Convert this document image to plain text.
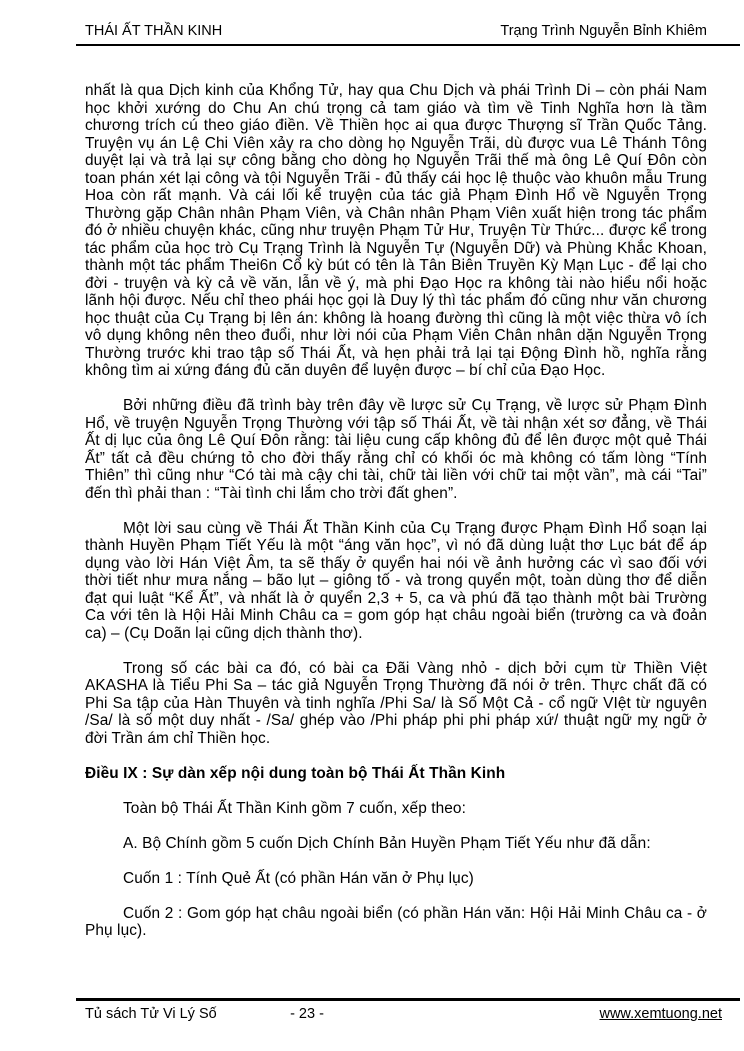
THÁI ẤT THẦN KINH	Trạng Trình Nguyễn Bỉnh Khiêm

nhất là qua Dịch kinh của Khổng Tử, hay qua Chu Dịch và phái Trình Di – còn phái Nam học khởi xướng do Chu An chú trọng cả tam giáo và tìm về Tinh Nghĩa hơn là tầm chương trích cú theo giáo điền. Về Thiền học ai qua được Thượng sĩ Trần Quốc Tảng. Truyện vụ án Lệ Chi Viên xảy ra cho dòng họ Nguyễn Trãi, dù được vua Lê Thánh Tông duyệt lại và trả lại sự công bằng cho dòng họ Nguyễn Trãi thế mà ông Lê Quí Đôn còn toan phán xét lại công và tội Nguyễn Trãi - đủ thấy cái học lệ thuộc vào khuôn mẫu Trung Hoa còn rất mạnh. Và cái lối kể truyện của tác giả Phạm Đình Hổ về Nguyễn Trọng Thường gặp Chân nhân Phạm Viên, và Chân nhân Phạm Viên xuất hiện trong tác phẩm đó ở nhiều chuyện khác, cũng như truyện Phạm Tử Hư, Truyện Từ Thức... được kể trong tác phẩm của học trò Cụ Trạng Trình là Nguyễn Tự (Nguyễn Dữ) và Phùng Khắc Khoan, thành một tác phẩm Thei6n Cổ kỳ bút có tên là Tân Biên Truyền Kỳ Mạn Lục - để lại cho đời - truyện và kỳ cả về văn, lẫn về ý, mà phi Đạo Học ra không tài nào hiểu nổi hoặc lãnh hội được. Nếu chỉ theo phái học gọi là Duy lý thì tác phẩm đó cũng như văn chương học thuật của Cụ Trạng bị lên án: không là hoang đường thì cũng là một việc thừa vô ích vô dụng không nên theo đuổi, như lời nói của Phạm Viên Chân nhân dặn Nguyễn Trọng Thường trước khi trao tập số Thái Ất, và hẹn phải trả lại tại Động Đình hồ, nghĩa rằng không tìm ai xứng đáng đủ căn duyên để luyện được – bí chỉ của Đạo Học.

Bởi những điều đã trình bày trên đây về lược sử Cụ Trạng, về lược sử Phạm Đình Hổ, về truyện Nguyễn Trọng Thường với tập số Thái Ất, về tài nhận xét sơ đẳng, về Thái Ất dị lục của ông Lê Quí Đôn rằng: tài liệu cung cấp không đủ để lên được một quẻ Thái Ất” tất cả đều chứng tỏ cho đời thấy rằng chỉ có khối óc mà không có tấm lòng “Tính Thiên” thì cũng như “Có tài mà cậy chi tài, chữ tài liền với chữ tai một vần”, mà cái “Tai” đến thì phải than : “Tài tình chi lắm cho trời đất ghen”.

Một lời sau cùng về Thái Ất Thần Kinh của Cụ Trạng được Phạm Đình Hổ soạn lại thành Huyền Phạm Tiết Yếu là một “áng văn học”, vì nó đã dùng luật thơ Lục bát để áp dụng vào lời Hán Việt Âm, ta sẽ thấy ở quyển hai nói về ảnh hưởng các vì sao đối với thời tiết như mưa nắng – bão lụt – giông tố - và trong quyển một, toàn dùng thơ để diễn đạt qui luật “Kể Ất”, và nhất là ở quyển 2,3 + 5, ca và phú đã tạo thành một bài Trường Ca với tên là Hội Hải Minh Châu ca = gom góp hạt châu ngoài biển (trường ca và đoản ca) – (Cụ Doãn lại cũng dịch thành thơ).

Trong số các bài ca đó, có bài ca Đãi Vàng nhỏ - dịch bởi cụm từ Thiền Việt AKASHA là Tiểu Phi Sa – tác giả Nguyễn Trọng Thường đã nói ở trên. Thực chất đã có Phi Sa tập của Hàn Thuyên và tinh nghĩa /Phi Sa/ là Số Một Cả - cổ ngữ VIệt từ nguyên /Sa/ là số một duy nhất - /Sa/ ghép vào /Phi pháp phi phi pháp xứ/ thuật ngữ mỵ ngữ ở đời Trần ám chỉ Thiền học.

Điều IX : Sự dàn xếp nội dung toàn bộ Thái Ất Thần Kinh

Toàn bộ Thái Ất Thần Kinh gồm 7 cuốn, xếp theo:

A. Bộ Chính gồm 5 cuốn Dịch Chính Bản Huyền Phạm Tiết Yếu như đã dẫn:

Cuốn 1 : Tính Quẻ Ất (có phần Hán văn ở Phụ lục)

Cuốn 2 : Gom góp hạt châu ngoài biển (có phần Hán văn: Hội Hải Minh Châu ca - ở Phụ lục).

Tủ sách Tử Vi Lý Số	- 23 -	www.xemtuong.net
